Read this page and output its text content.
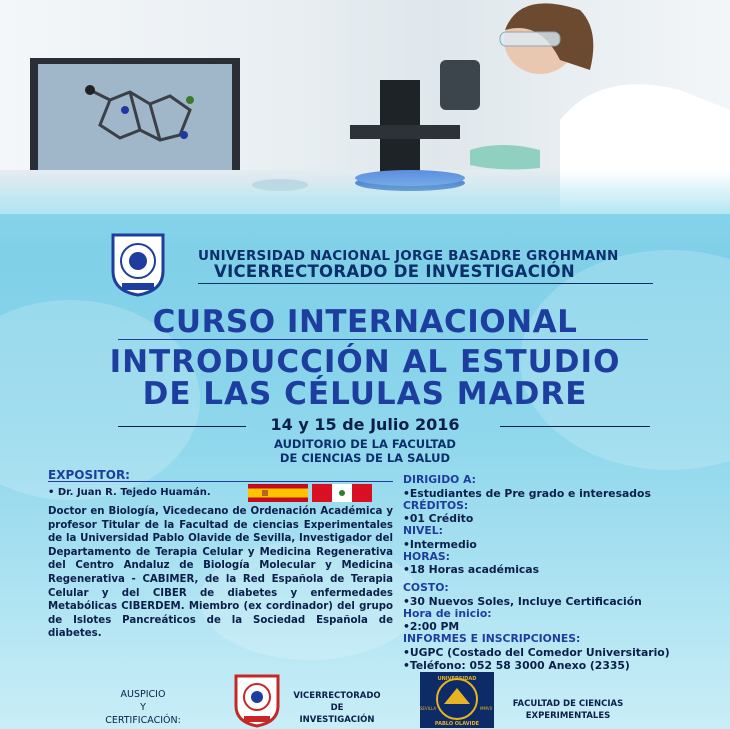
UNIVERSIDAD NACIONAL JORGE BASADRE GROHMANN
VICERRECTORADO DE INVESTIGACIÓN
CURSO INTERNACIONAL
INTRODUCCIÓN AL ESTUDIO
DE LAS CÉLULAS MADRE
14 y 15 de Julio 2016
AUDITORIO DE LA FACULTAD
DE CIENCIAS DE LA SALUD
EXPOSITOR:
• Dr. Juan R. Tejedo Huamán.
Doctor en Biología, Vicedecano de Ordenación Académica y profesor Titular de la Facultad de ciencias Experimentales de la Universidad Pablo Olavide de Sevilla, Investigador del Departamento de Terapia Celular y Medicina Regenerativa del Centro Andaluz de Biología Molecular y Medicina Regenerativa - CABIMER, de la Red Española de Terapia Celular y del CIBER de diabetes y enfermedades Metabólicas CIBERDEM. Miembro (ex cordinador) del grupo de Islotes Pancreáticos de la Sociedad Española de diabetes.
DIRIGIDO A:
•Estudiantes de Pre grado e interesados
CRÉDITOS:
•01 Crédito
NIVEL:
•Intermedio
HORAS:
•18 Horas académicas
COSTO:
•30 Nuevos Soles, Incluye Certificación
Hora de inicio:
•2:00 PM
INFORMES E INSCRIPCIONES:
•UGPC (Costado del Comedor Universitario)
•Teléfono: 052 58 3000 Anexo (2335)
AUSPICIO
Y
CERTIFICACIÓN:
VICERRECTORADO
DE
INVESTIGACIÓN
UNIVERSIDAD
PABLO OLAVIDE
SEVILLA	MMVII	FACULTAD DE CIENCIAS
EXPERIMENTALES
